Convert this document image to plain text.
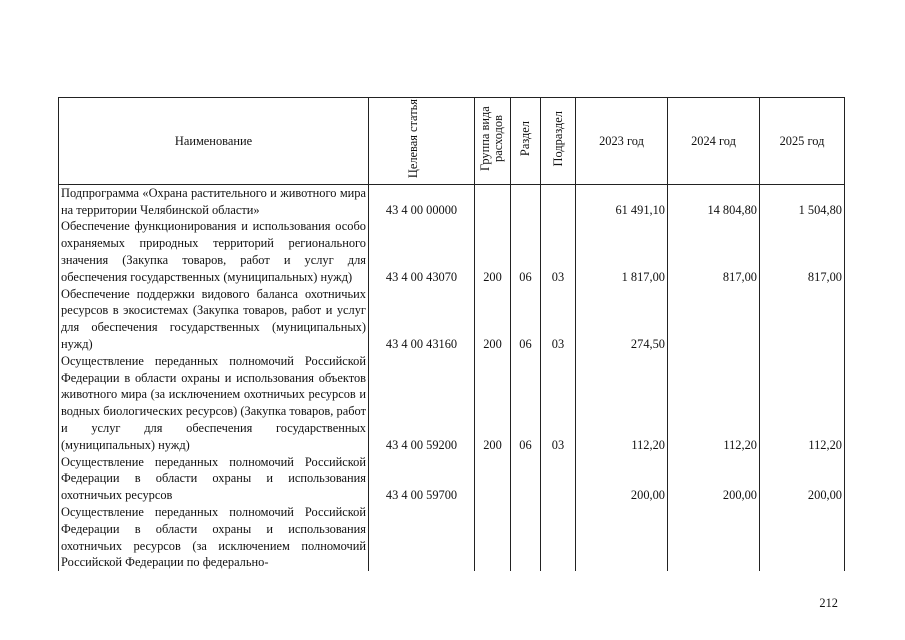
Наименование	Целевая статья	Группа вида расходов	Раздел	Подраздел	2023 год	2024 год	2025 год
Подпрограмма «Охрана растительного и животного мира на территории Челябинской области»	43 4 00 00000				61 491,10	14 804,80	1 504,80
Обеспечение функционирования и использования особо охраняемых природных территорий регионального значения (Закупка товаров, работ и услуг для обеспечения государственных (муниципальных) нужд)	43 4 00 43070	200	06	03	1 817,00	817,00	817,00
Обеспечение поддержки видового баланса охотничьих ресурсов в экосистемах (Закупка товаров, работ и услуг для обеспечения государственных (муниципальных) нужд)	43 4 00 43160	200	06	03	274,50		
Осуществление переданных полномочий Российской Федерации в области охраны и использования объектов животного мира (за исключением охотничьих ресурсов и водных биологических ресурсов) (Закупка товаров, работ и услуг для обеспечения государственных (муниципальных) нужд)	43 4 00 59200	200	06	03	112,20	112,20	112,20
Осуществление переданных полномочий Российской Федерации в области охраны и использования охотничьих ресурсов	43 4 00 59700				200,00	200,00	200,00
Осуществление переданных полномочий Российской Федерации в области охраны и использования охотничьих ресурсов (за исключением полномочий Российской Федерации по федерально-							
212
